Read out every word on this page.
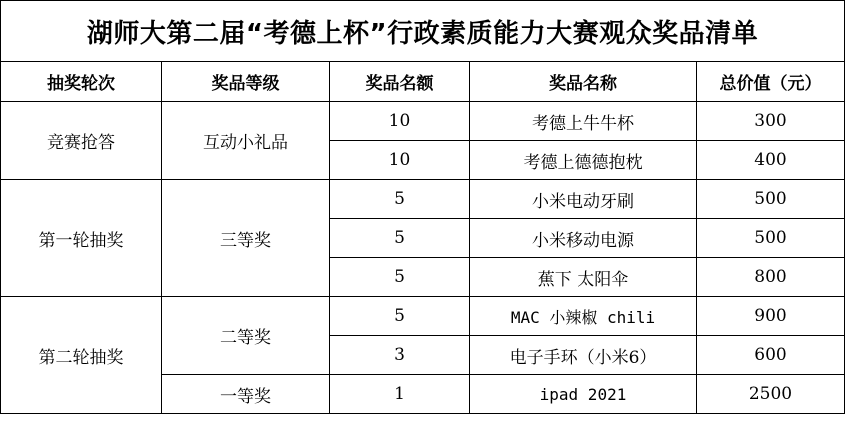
湖师大第二届“考德上杯”行政素质能力大赛观众奖品清单				
抽奖轮次	奖品等级	奖品名额	奖品名称	总价值（元）
竞赛抢答	互动小礼品	10	考德上牛牛杯	300
		10	考德上德德抱枕	400
第一轮抽奖	三等奖	5	小米电动牙刷	500
		5	小米移动电源	500
		5	蕉下 太阳伞	800
第二轮抽奖	二等奖	5	MAC 小辣椒 chili	900
		3	电子手环（小米6）	600
	一等奖	1	ipad 2021	2500
